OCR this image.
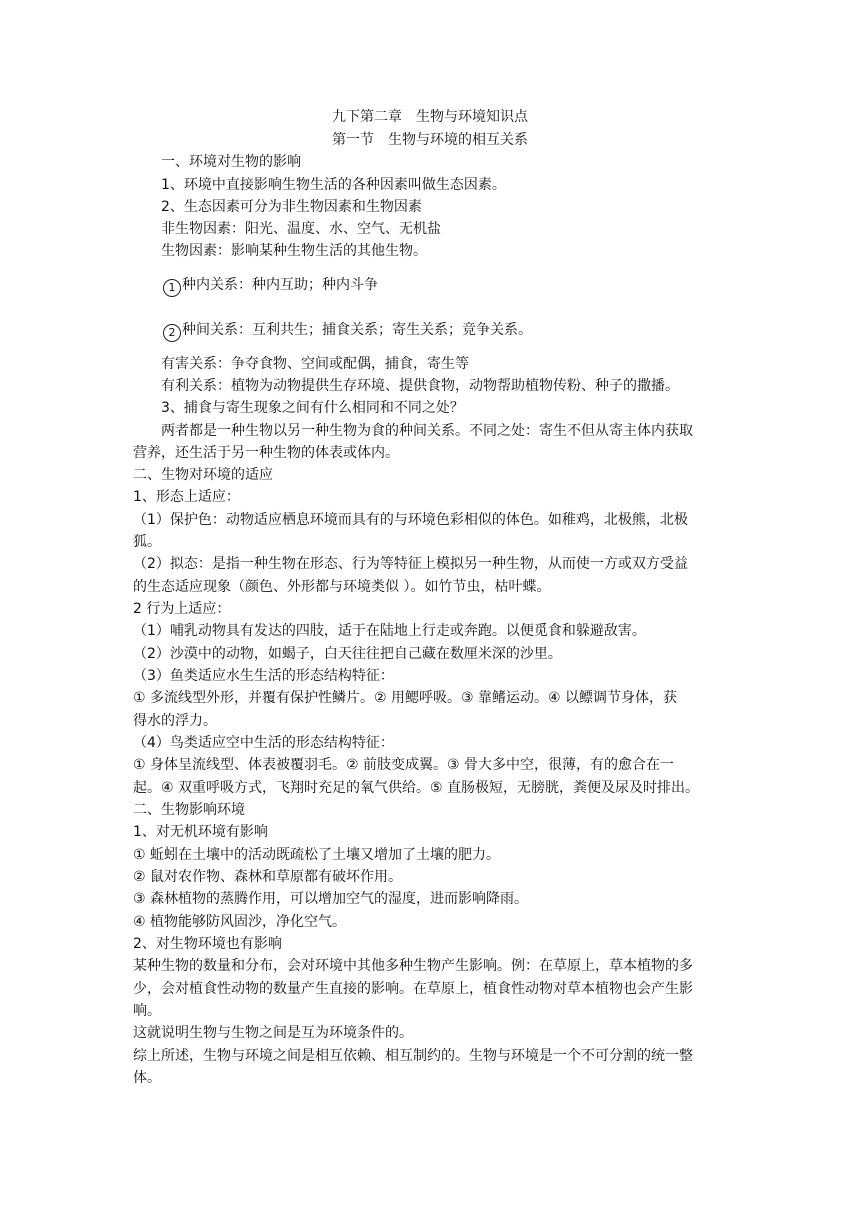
九下第二章　生物与环境知识点
第一节　生物与环境的相互关系
一、环境对生物的影响
1、环境中直接影响生物生活的各种因素叫做生态因素。
2、生态因素可分为非生物因素和生物因素
非生物因素：阳光、温度、水、空气、无机盐
生物因素：影响某种生物生活的其他生物。
1 种内关系：种内互助；种内斗争
2 种间关系：互利共生；捕食关系；寄生关系；竞争关系。
有害关系：争夺食物、空间或配偶，捕食，寄生等
有利关系：植物为动物提供生存环境、提供食物，动物帮助植物传粉、种子的撒播。
3、捕食与寄生现象之间有什么相同和不同之处？
两者都是一种生物以另一种生物为食的种间关系。不同之处：寄生不但从寄主体内获取
营养，还生活于另一种生物的体表或体内。
二、生物对环境的适应
1、形态上适应：
（1）保护色：动物适应栖息环境而具有的与环境色彩相似的体色。如稚鸡，北极熊，北极
狐。
（2）拟态：是指一种生物在形态、行为等特征上模拟另一种生物，从而使一方或双方受益
的生态适应现象（颜色、外形都与环境类似 ）。如竹节虫，枯叶蝶。
2 行为上适应：
（1）哺乳动物具有发达的四肢，适于在陆地上行走或奔跑。以便觅食和躲避敌害。
（2）沙漠中的动物，如蝎子，白天往往把自己藏在数厘米深的沙里。
（3）鱼类适应水生生活的形态结构特征：
① 多流线型外形，并覆有保护性鳞片。② 用鳃呼吸。③ 靠鳍运动。④ 以鳔调节身体，获
得水的浮力。
（4）鸟类适应空中生活的形态结构特征：
① 身体呈流线型、体表被覆羽毛。② 前肢变成翼。③ 骨大多中空，很薄，有的愈合在一
起。④ 双重呼吸方式，飞翔时充足的氧气供给。⑤ 直肠极短，无膀胱，粪便及尿及时排出。
二、生物影响环境
1、对无机环境有影响
① 蚯蚓在土壤中的活动既疏松了土壤又增加了土壤的肥力。
② 鼠对农作物、森林和草原都有破坏作用。
③ 森林植物的蒸腾作用，可以增加空气的湿度，进而影响降雨。
④ 植物能够防风固沙，净化空气。
2、对生物环境也有影响
某种生物的数量和分布，会对环境中其他多种生物产生影响。例：在草原上，草本植物的多
少，会对植食性动物的数量产生直接的影响。在草原上，植食性动物对草本植物也会产生影
响。
这就说明生物与生物之间是互为环境条件的。
综上所述，生物与环境之间是相互依赖、相互制约的。生物与环境是一个不可分割的统一整
体。
